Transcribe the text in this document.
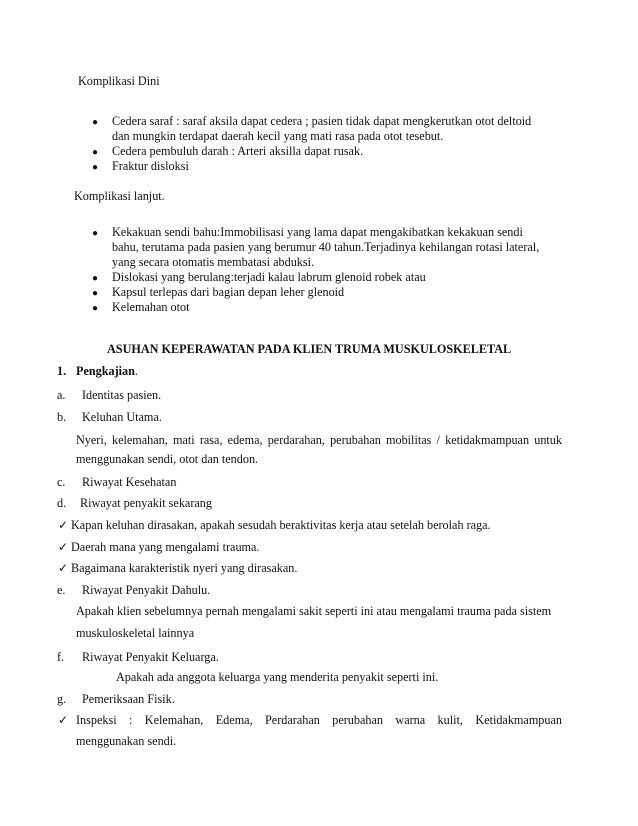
Komplikasi Dini
● Cedera saraf : saraf aksila dapat cedera ; pasien tidak dapat mengkerutkan otot deltoid
dan mungkin terdapat daerah kecil yang mati rasa pada otot tesebut.
● Cedera pembuluh darah : Arteri aksilla dapat rusak.
● Fraktur disloksi
Komplikasi lanjut.
● Kekakuan sendi bahu:Immobilisasi yang lama dapat mengakibatkan kekakuan sendi
bahu, terutama pada pasien yang berumur 40 tahun.Terjadinya kehilangan rotasi lateral,
yang secara otomatis membatasi abduksi.
● Dislokasi yang berulang:terjadi kalau labrum glenoid robek atau
● Kapsul terlepas dari bagian depan leher glenoid
● Kelemahan otot
ASUHAN KEPERAWATAN PADA KLIEN TRUMA MUSKULOSKELETAL
1. Pengkajian.
a. Identitas pasien.
b. Keluhan Utama.
Nyeri, kelemahan, mati rasa, edema, perdarahan, perubahan mobilitas / ketidakmampuan untuk
menggunakan sendi, otot dan tendon.
c. Riwayat Kesehatan
d. Riwayat penyakit sekarang
✓ Kapan keluhan dirasakan, apakah sesudah beraktivitas kerja atau setelah berolah raga.
✓ Daerah mana yang mengalami trauma.
✓ Bagaimana karakteristik nyeri yang dirasakan.
e. Riwayat Penyakit Dahulu.
Apakah klien sebelumnya pernah mengalami sakit seperti ini atau mengalami trauma pada sistem
muskuloskeletal lainnya
f. Riwayat Penyakit Keluarga.
Apakah ada anggota keluarga yang menderita penyakit seperti ini.
g. Pemeriksaan Fisik.
✓ Inspeksi : Kelemahan, Edema, Perdarahan perubahan warna kulit, Ketidakmampuan
menggunakan sendi.
